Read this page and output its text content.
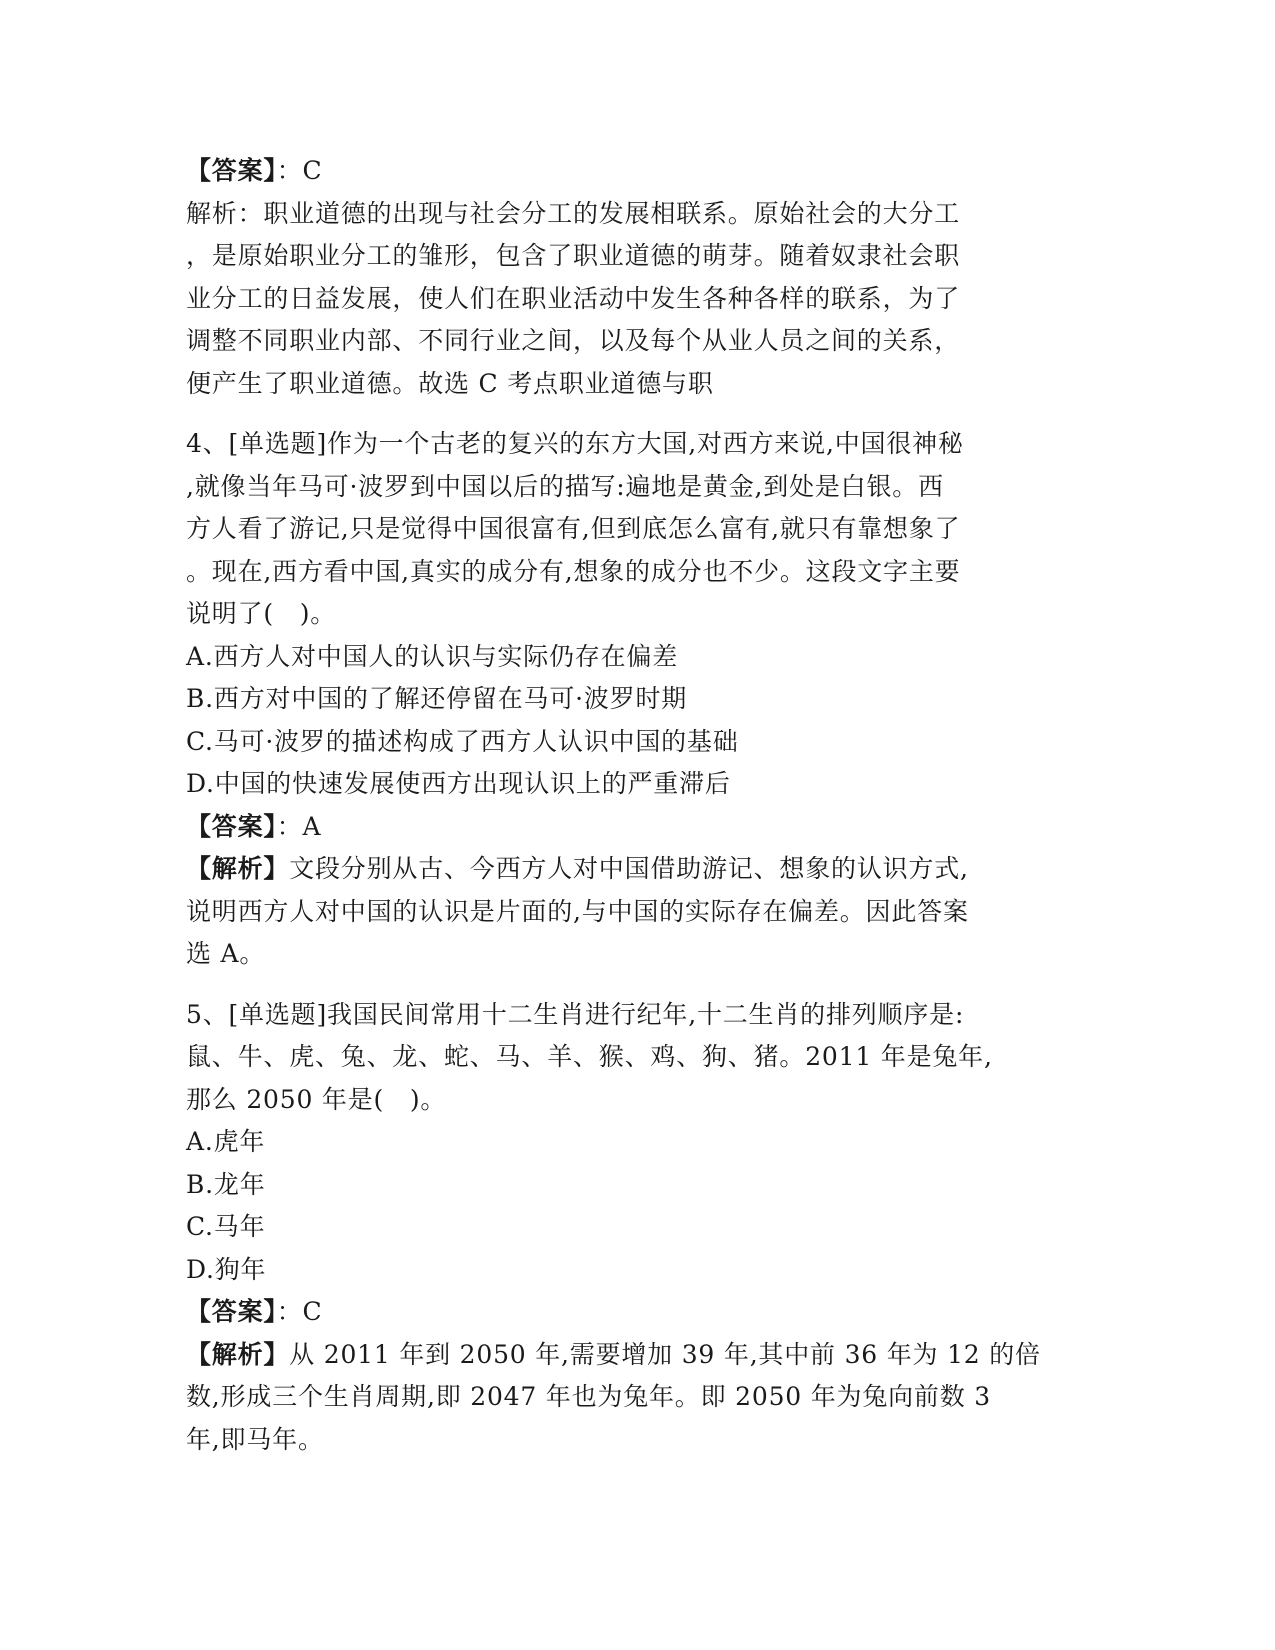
【答案】：C
解析：职业道德的出现与社会分工的发展相联系。原始社会的大分工
，是原始职业分工的雏形，包含了职业道德的萌芽。随着奴隶社会职
业分工的日益发展，使人们在职业活动中发生各种各样的联系，为了
调整不同职业内部、不同行业之间，以及每个从业人员之间的关系，
便产生了职业道德。故选 C 考点职业道德与职
4、[单选题]作为一个古老的复兴的东方大国,对西方来说,中国很神秘
,就像当年马可·波罗到中国以后的描写:遍地是黄金,到处是白银。西
方人看了游记,只是觉得中国很富有,但到底怎么富有,就只有靠想象了
。现在,西方看中国,真实的成分有,想象的成分也不少。这段文字主要
说明了(　)。
A.西方人对中国人的认识与实际仍存在偏差
B.西方对中国的了解还停留在马可·波罗时期
C.马可·波罗的描述构成了西方人认识中国的基础
D.中国的快速发展使西方出现认识上的严重滞后
【答案】：A
【解析】文段分别从古、今西方人对中国借助游记、想象的认识方式,
说明西方人对中国的认识是片面的,与中国的实际存在偏差。因此答案
选 A。
5、[单选题]我国民间常用十二生肖进行纪年,十二生肖的排列顺序是:
鼠、牛、虎、兔、龙、蛇、马、羊、猴、鸡、狗、猪。2011 年是兔年,
那么 2050 年是(　)。
A.虎年
B.龙年
C.马年
D.狗年
【答案】：C
【解析】从 2011 年到 2050 年,需要增加 39 年,其中前 36 年为 12 的倍
数,形成三个生肖周期,即 2047 年也为兔年。即 2050 年为兔向前数 3
年,即马年。
